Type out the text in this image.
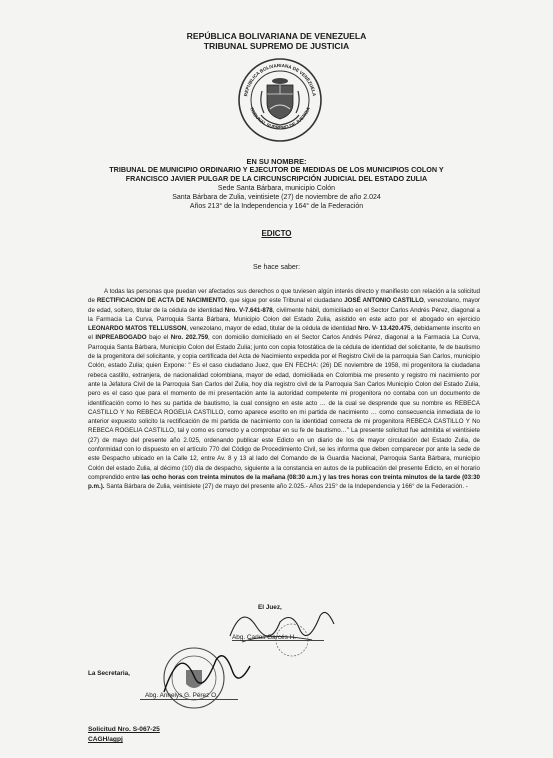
REPÚBLICA BOLIVARIANA DE VENEZUELA
TRIBUNAL SUPREMO DE JUSTICIA
REPUBLICA BOLIVARIANA DE VENEZUELA
TRIBUNAL SUPREMO DE JUSTICIA
EN SU NOMBRE:
TRIBUNAL DE MUNICIPIO ORDINARIO Y EJECUTOR DE MEDIDAS DE LOS MUNICIPIOS COLON Y
FRANCISCO JAVIER PULGAR DE LA CIRCUNSCRIPCIÓN JUDICIAL DEL ESTADO ZULIA
Sede Santa Bárbara, municipio Colón
Santa Bárbara de Zulia, veintisiete (27) de noviembre de año 2.024
Años 213° de la Independencia y 164° de la Federación
EDICTO
Se hace saber:
A todas las personas que puedan ver afectados sus derechos o que tuviesen algún interés directo y manifiesto con relación a la solicitud de RECTIFICACION DE ACTA DE NACIMIENTO, que sigue por este Tribunal el ciudadano JOSÉ ANTONIO CASTILLO, venezolano, mayor de edad, soltero, titular de la cédula de identidad Nro. V-7.641-878, civilmente hábil, domiciliado en el Sector Carlos Andrés Pérez, diagonal a la Farmacia La Curva, Parroquia Santa Bárbara, Municipio Colon del Estado Zulia, asistido en este acto por el abogado en ejercicio LEONARDO MATOS TELLUSSON, venezolano, mayor de edad, titular de la cédula de identidad Nro. V- 13.420.475, debidamente inscrito en el INPREABOGADO bajo el Nro. 202.759, con domicilio domiciliado en el Sector Carlos Andrés Pérez, diagonal a la Farmacia La Curva, Parroquia Santa Bárbara, Municipio Colon del Estado Zulia; junto con copia fotostática de la cédula de identidad del solicitante, fe de bautismo de la progenitora del solicitante, y copia certificada del Acta de Nacimiento expedida por el Registro Civil de la parroquia San Carlos, municipio Colón, estado Zulia; quien Expone: " Es el caso ciudadano Juez, que EN FECHA: (26) DE noviembre de 1958, mi progenitora la ciudadana rebeca castillo, extranjera, de nacionalidad colombiana, mayor de edad, domiciliada en Colombia me presento y registro mi nacimiento por ante la Jefatura Civil de la Parroquia San Carlos del Zulia, hoy día registro civil de la Parroquia San Carlos Municipio Colon del Estado Zulia, pero es el caso que para el momento de mi presentación ante la autoridad competente mi progenitora no contaba con un documento de identificación como lo hes su partida de bautismo, la cual consigno en este acto … de la cual se desprende que su nombre es REBECA CASTILLO Y No REBECA ROGELIA CASTILLO, como aparece escrito en mi partida de nacimiento … como consecuencia inmediata de lo anterior expuesto solicito la rectificación de mi partida de nacimiento con la identidad correcta de mi progenitora REBECA CASTILLO Y No REBECA ROGELIA CASTILLO, tal y como es correcto y a comprobar en su fe de bautismo…" La presente solicitud fue admitida el veintisiete (27) de mayo del presente año 2.025, ordenando publicar este Edicto en un diario de los de mayor circulación del Estado Zulia, de conformidad con lo dispuesto en el artículo 770 del Código de Procedimiento Civil, se les informa que deben comparecer por ante la sede de este Despacho ubicado en la Calle 12, entre Av. 8 y 13 al lado del Comando de la Guardia Nacional, Parroquia Santa Bárbara, municipio Colón del estado Zulia, al décimo (10) día de despacho, siguiente a la constancia en autos de la publicación del presente Edicto, en el horario comprendido entre las ocho horas con treinta minutos de la mañana (08:30 a.m.) y las tres horas con treinta minutos de la tarde (03:30 p.m.). Santa Bárbara de Zulia, veintisiete (27) de mayo del presente año 2.025.- Años 215° de la Independencia y 166° de la Federación. -
El Juez,
Abg. Carlos Garcés H.
La Secretaria,
Abg. Annelys G. Pérez O.
Solicitud Nro. S-067-25
CAGH/agpj
